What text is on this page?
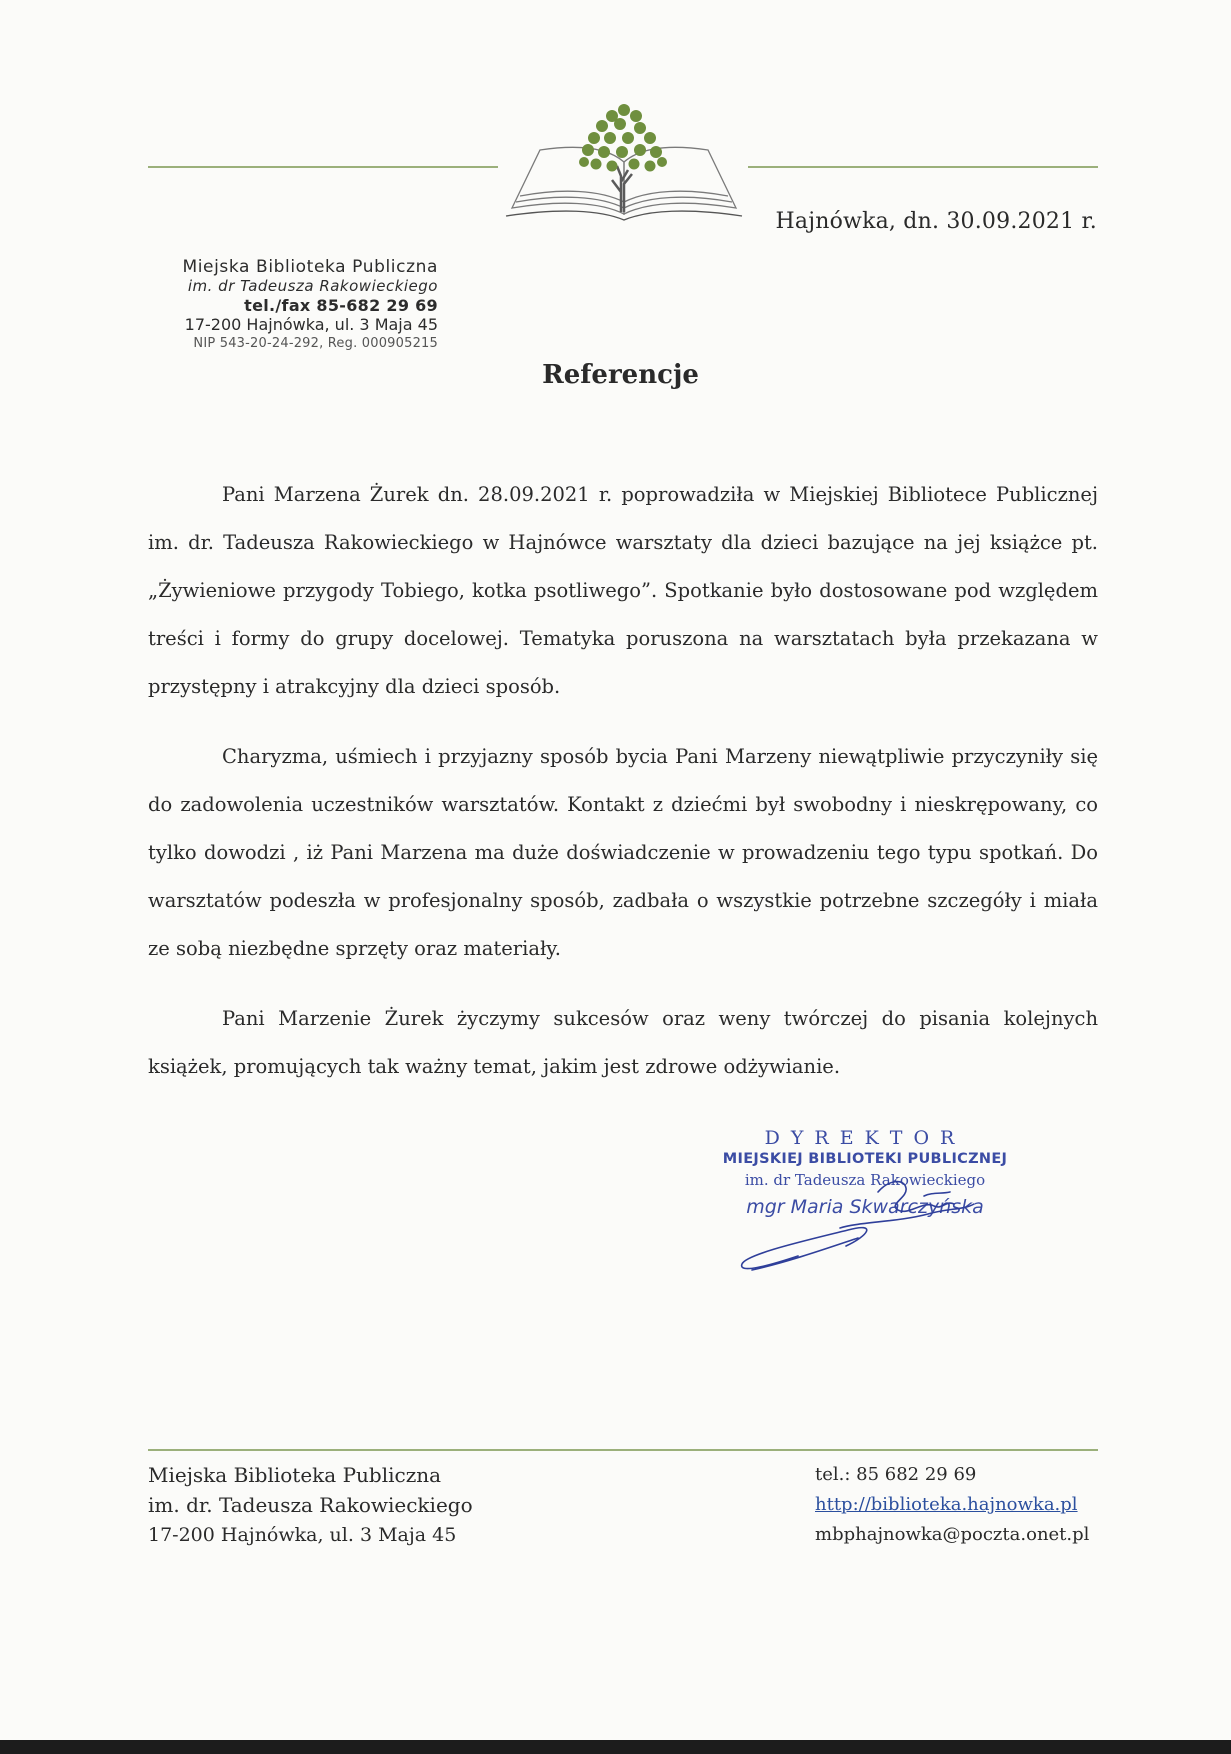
Hajnówka, dn. 30.09.2021 r.
Miejska Biblioteka Publiczna
im. dr Tadeusza Rakowieckiego
tel./fax 85-682 29 69
17-200 Hajnówka, ul. 3 Maja 45
NIP 543-20-24-292, Reg. 000905215
Referencje

Pani Marzena Żurek dn. 28.09.2021 r. poprowadziła w Miejskiej Bibliotece Publicznej im. dr. Tadeusza Rakowieckiego w Hajnówce warsztaty dla dzieci bazujące na jej książce pt. „Żywieniowe przygody Tobiego, kotka psotliwego”. Spotkanie było dostosowane pod względem treści i formy do grupy docelowej. Tematyka poruszona na warsztatach była przekazana w przystępny i atrakcyjny dla dzieci sposób.

Charyzma, uśmiech i przyjazny sposób bycia Pani Marzeny niewątpliwie przyczyniły się do zadowolenia uczestników warsztatów. Kontakt z dziećmi był swobodny i nieskrępowany, co tylko dowodzi , iż Pani Marzena ma duże doświadczenie w prowadzeniu tego typu spotkań. Do warsztatów podeszła w profesjonalny sposób, zadbała o wszystkie potrzebne szczegóły i miała ze sobą niezbędne sprzęty oraz materiały.

Pani Marzenie Żurek życzymy sukcesów oraz weny twórczej do pisania kolejnych książek, promujących tak ważny temat, jakim jest zdrowe odżywianie.

DYREKTOR
MIEJSKIEJ BIBLIOTEKI PUBLICZNEJ
im. dr Tadeusza Rakowieckiego
mgr Maria Skwarczyńska
Miejska Biblioteka Publiczna
im. dr. Tadeusza Rakowieckiego
17-200 Hajnówka, ul. 3 Maja 45
tel.: 85 682 29 69
http://biblioteka.hajnowka.pl
mbphajnowka@poczta.onet.pl
